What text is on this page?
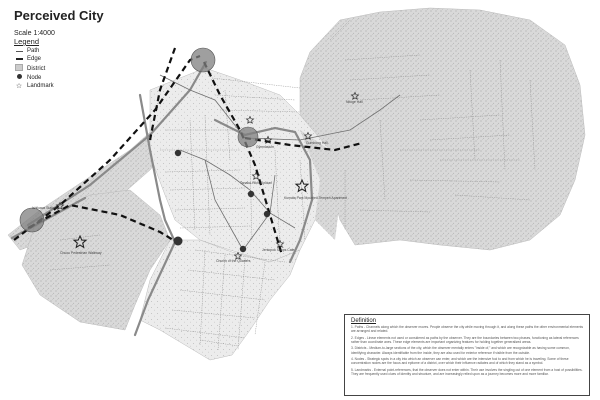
Ishikawa Station
Chuou Pedestrian Walkway
Gymnasium
Nitoge Hall
Gumbong Hall
Tanaka-Hikhi Ryokan
Kumata Park Mounted Tempeh Apartment
Church of the Quarters
Jentopok Shops Cafe
Perceived City
Scale 1:4000
Legend
Path
Edge
District
Node
☆ Landmark
Definition
1. Paths - Channels along which the observer moves. People observe the city while moving through it, and along these paths the other environmental elements are arranged and related.
2. Edges - Linear elements not used or considered as paths by the observer. They are the boundaries between two phases, functioning as lateral references rather than coordinate axes. These edge elements are important organizing features for holding together generalized areas.
3. Districts - Medium-to-large sections of the city, which the observer mentally enters "inside of," and which are recognizable as having some common, identifying character. Always identifiable from the inside, they are also used for exterior reference if visible from the outside.
4. Nodes - Strategic spots in a city into which an observer can enter, and which are the intensive foci to and from which he is traveling. Some of these concentration nodes are the focus and epitome of a district, over which their influence radiates and of which they stand as a symbol.
5. Landmarks - External point-references, that the observer does not enter within. Their use involves the singling out of one element from a host of possibilities. They are frequently used clues of identity and structure, and are increasingly relied upon as a journey becomes more and more familiar.
